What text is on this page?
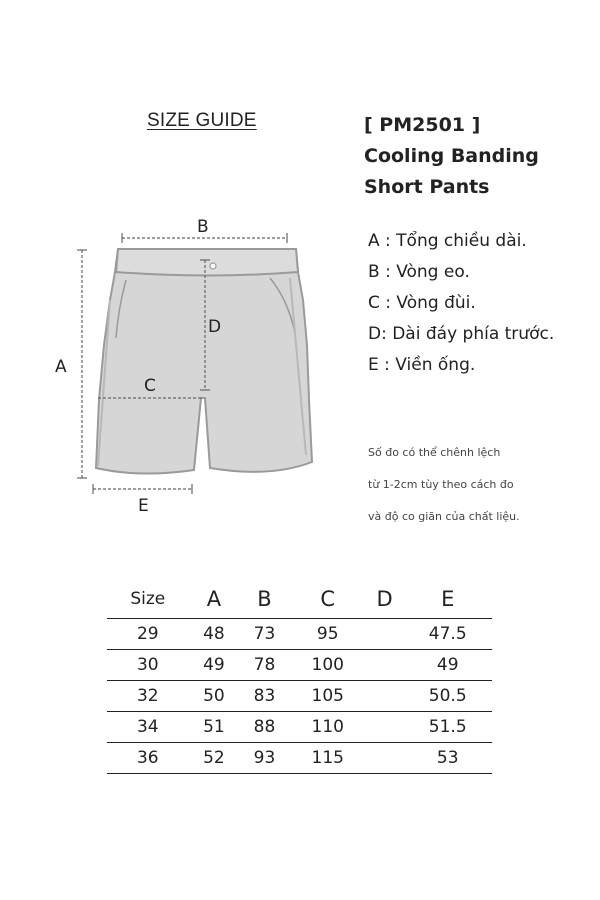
SIZE GUIDE	[ PM2501 ]
Cooling Banding
Short Pants
B
A
D
C
E
A : Tổng chiều dài.
B : Vòng eo.
C : Vòng đùi.
D: Dài đáy phía trước.
E : Viền ống.
Số đo có thể chênh lệch
từ 1-2cm tùy theo cách đo
và độ co giãn của chất liệu.
Size	A	B	C	D	E
29	48	73	95		47.5
30	49	78	100		49
32	50	83	105		50.5
34	51	88	110		51.5
36	52	93	115		53
